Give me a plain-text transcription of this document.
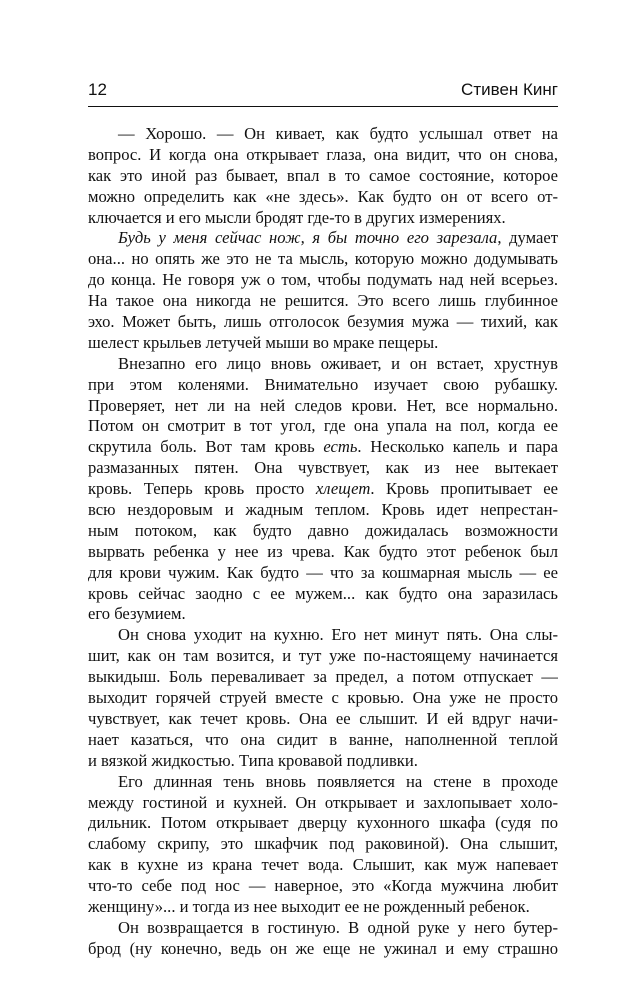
12	Стивен Кинг
— Хорошо. — Он кивает, как будто услышал ответ на
вопрос. И когда она открывает глаза, она видит, что он снова,
как это иной раз бывает, впал в то самое состояние, которое
можно определить как «не здесь». Как будто он от всего от-
ключается и его мысли бродят где-то в других измерениях.
Будь у меня сейчас нож, я бы точно его зарезала, думает
она... но опять же это не та мысль, которую можно додумывать
до конца. Не говоря уж о том, чтобы подумать над ней всерьез.
На такое она никогда не решится. Это всего лишь глубинное
эхо. Может быть, лишь отголосок безумия мужа — тихий, как
шелест крыльев летучей мыши во мраке пещеры.
Внезапно его лицо вновь оживает, и он встает, хрустнув
при этом коленями. Внимательно изучает свою рубашку.
Проверяет, нет ли на ней следов крови. Нет, все нормально.
Потом он смотрит в тот угол, где она упала на пол, когда ее
скрутила боль. Вот там кровь есть. Несколько капель и пара
размазанных пятен. Она чувствует, как из нее вытекает
кровь. Теперь кровь просто хлещет. Кровь пропитывает ее
всю нездоровым и жадным теплом. Кровь идет непрестан-
ным потоком, как будто давно дожидалась возможности
вырвать ребенка у нее из чрева. Как будто этот ребенок был
для крови чужим. Как будто — что за кошмарная мысль — ее
кровь сейчас заодно с ее мужем... как будто она заразилась
его безумием.
Он снова уходит на кухню. Его нет минут пять. Она слы-
шит, как он там возится, и тут уже по-настоящему начинается
выкидыш. Боль переваливает за предел, а потом отпускает —
выходит горячей струей вместе с кровью. Она уже не просто
чувствует, как течет кровь. Она ее слышит. И ей вдруг начи-
нает казаться, что она сидит в ванне, наполненной теплой
и вязкой жидкостью. Типа кровавой подливки.
Его длинная тень вновь появляется на стене в проходе
между гостиной и кухней. Он открывает и захлопывает холо-
дильник. Потом открывает дверцу кухонного шкафа (судя по
слабому скрипу, это шкафчик под раковиной). Она слышит,
как в кухне из крана течет вода. Слышит, как муж напевает
что-то себе под нос — наверное, это «Когда мужчина любит
женщину»... и тогда из нее выходит ее не рожденный ребенок.
Он возвращается в гостиную. В одной руке у него бутер-
брод (ну конечно, ведь он же еще не ужинал и ему страшно
